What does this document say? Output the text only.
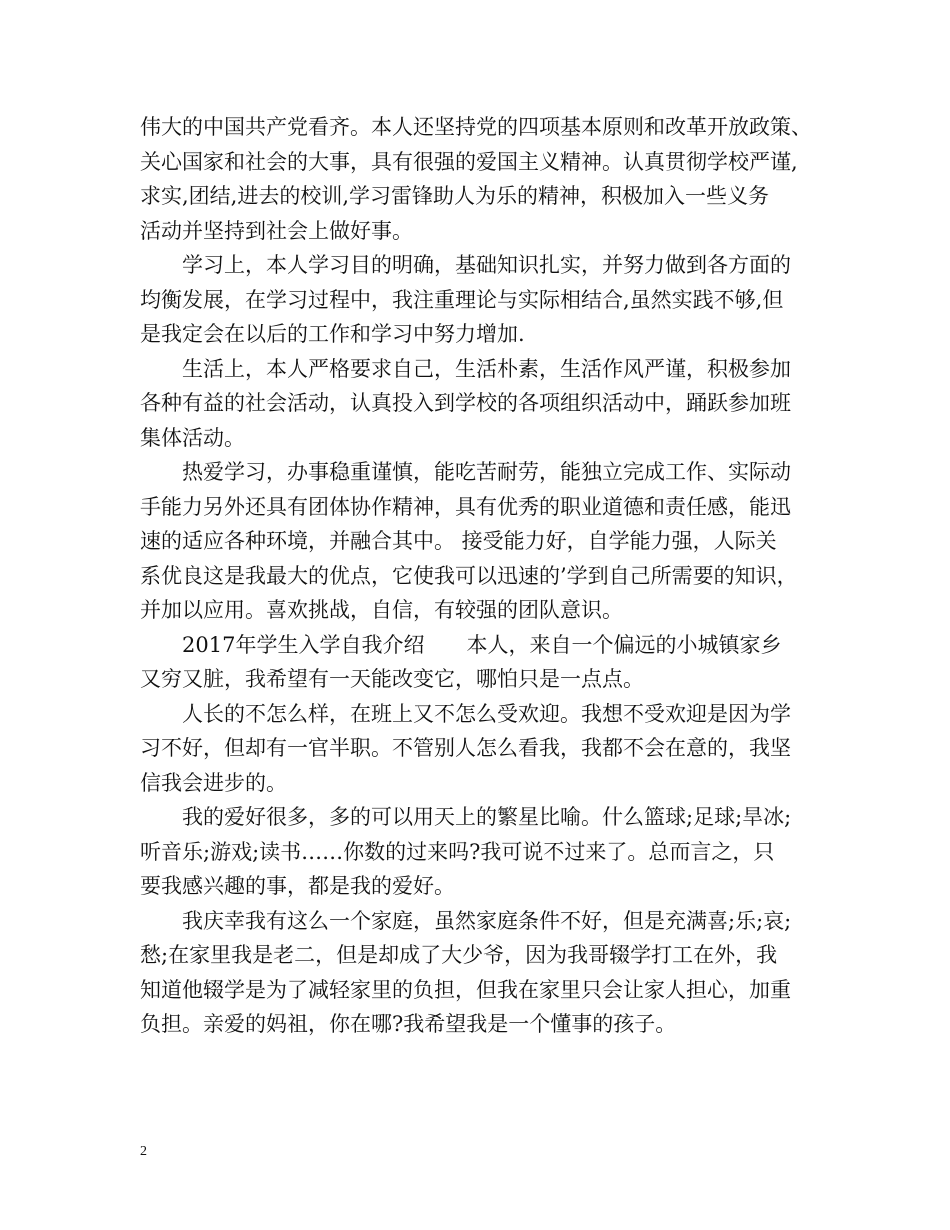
伟大的中国共产党看齐。本人还坚持党的四项基本原则和改革开放政策、
关心国家和社会的大事，具有很强的爱国主义精神。认真贯彻学校严谨,
求实,团结,进去的校训,学习雷锋助人为乐的精神，积极加入一些义务
活动并坚持到社会上做好事。
　　学习上，本人学习目的明确，基础知识扎实，并努力做到各方面的
均衡发展，在学习过程中，我注重理论与实际相结合,虽然实践不够,但
是我定会在以后的工作和学习中努力增加.
　　生活上，本人严格要求自己，生活朴素，生活作风严谨，积极参加
各种有益的社会活动，认真投入到学校的各项组织活动中，踊跃参加班
集体活动。
　　热爱学习，办事稳重谨慎，能吃苦耐劳，能独立完成工作、实际动
手能力另外还具有团体协作精神，具有优秀的职业道德和责任感，能迅
速的适应各种环境，并融合其中。 接受能力好，自学能力强，人际关
系优良这是我最大的优点，它使我可以迅速的’学到自己所需要的知识，
并加以应用。喜欢挑战，自信，有较强的团队意识。
　　2017年学生入学自我介绍　　本人，来自一个偏远的小城镇家乡
又穷又脏，我希望有一天能改变它，哪怕只是一点点。
　　人长的不怎么样，在班上又不怎么受欢迎。我想不受欢迎是因为学
习不好，但却有一官半职。不管别人怎么看我，我都不会在意的，我坚
信我会进步的。
　　我的爱好很多，多的可以用天上的繁星比喻。什么篮球;足球;旱冰;
听音乐;游戏;读书……你数的过来吗?我可说不过来了。总而言之，只
要我感兴趣的事，都是我的爱好。
　　我庆幸我有这么一个家庭，虽然家庭条件不好，但是充满喜;乐;哀;
愁;在家里我是老二，但是却成了大少爷，因为我哥辍学打工在外，我
知道他辍学是为了减轻家里的负担，但我在家里只会让家人担心，加重
负担。亲爱的妈祖，你在哪?我希望我是一个懂事的孩子。
2
